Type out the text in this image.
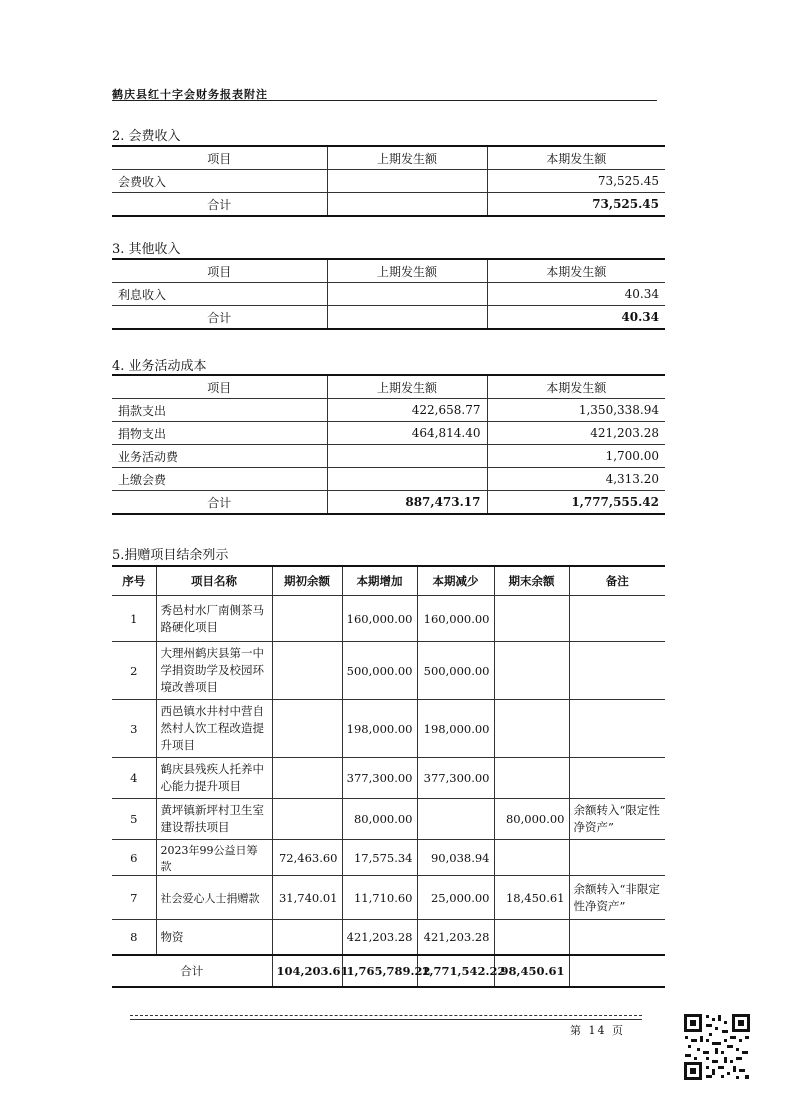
鹤庆县红十字会财务报表附注
2. 会费收入
项目	上期发生额	本期发生额
会费收入		73,525.45
合计		73,525.45
3. 其他收入
项目	上期发生额	本期发生额
利息收入		40.34
合计		40.34
4. 业务活动成本
项目	上期发生额	本期发生额
捐款支出	422,658.77	1,350,338.94
捐物支出	464,814.40	421,203.28
业务活动费		1,700.00
上缴会费		4,313.20
合计	887,473.17	1,777,555.42
5.捐赠项目结余列示
序号	项目名称	期初余额	本期增加	本期减少	期末余额	备注
1	秀邑村水厂南侧茶马路硬化项目		160,000.00	160,000.00		
2	大理州鹤庆县第一中学捐资助学及校园环境改善项目		500,000.00	500,000.00		
3	西邑镇水井村中营自然村人饮工程改造提升项目		198,000.00	198,000.00		
4	鹤庆县残疾人托养中心能力提升项目		377,300.00	377,300.00		
5	黄坪镇新坪村卫生室建设帮扶项目		80,000.00		80,000.00	余额转入“限定性净资产”
6	2023年99公益日筹款	72,463.60	17,575.34	90,038.94		
7	社会爱心人士捐赠款	31,740.01	11,710.60	25,000.00	18,450.61	余额转入“非限定性净资产”
8	物资		421,203.28	421,203.28		
合计		104,203.61	1,765,789.22	1,771,542.22	98,450.61	
第 14 页
